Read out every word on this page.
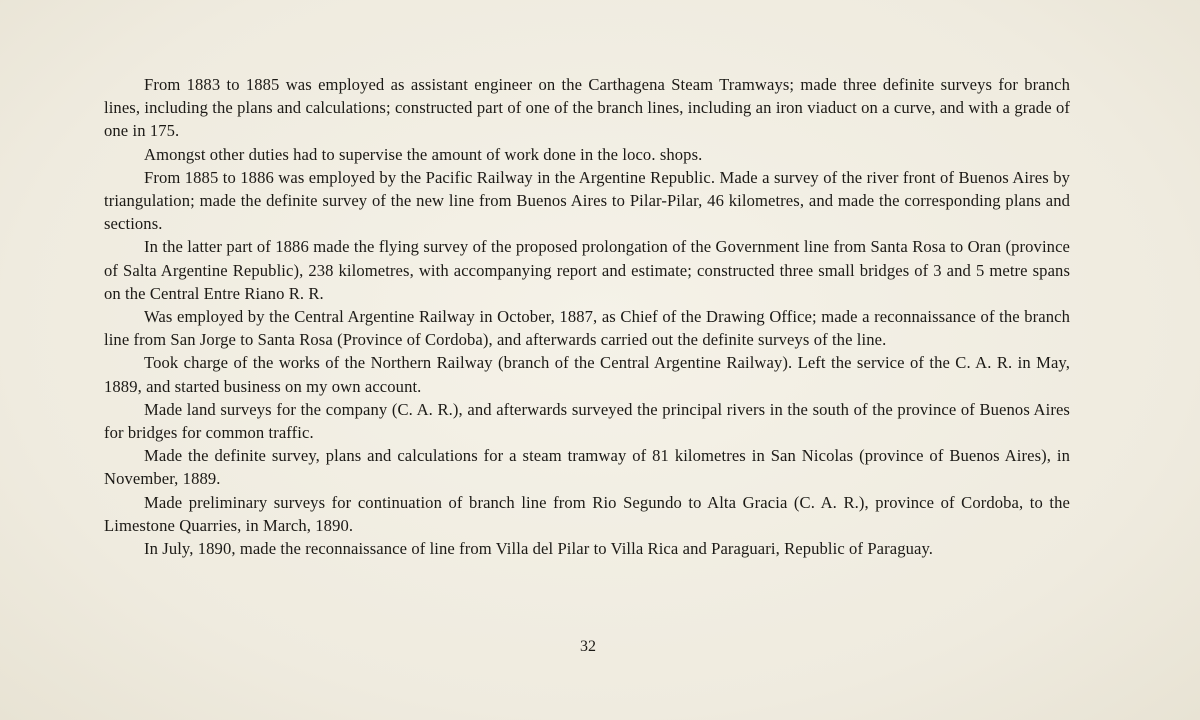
From 1883 to 1885 was employed as assistant engineer on the Carthagena Steam Tramways; made three definite surveys for branch lines, including the plans and calculations; constructed part of one of the branch lines, including an iron viaduct on a curve, and with a grade of one in 175.

Amongst other duties had to supervise the amount of work done in the loco. shops.

From 1885 to 1886 was employed by the Pacific Railway in the Argentine Republic. Made a survey of the river front of Buenos Aires by triangulation; made the definite survey of the new line from Buenos Aires to Pilar-Pilar, 46 kilometres, and made the corresponding plans and sections.

In the latter part of 1886 made the flying survey of the proposed prolongation of the Government line from Santa Rosa to Oran (province of Salta Argentine Republic), 238 kilometres, with accompanying report and estimate; constructed three small bridges of 3 and 5 metre spans on the Central Entre Riano R. R.

Was employed by the Central Argentine Railway in October, 1887, as Chief of the Drawing Office; made a reconnaissance of the branch line from San Jorge to Santa Rosa (Province of Cordoba), and afterwards carried out the definite surveys of the line.

Took charge of the works of the Northern Railway (branch of the Central Argentine Railway). Left the service of the C. A. R. in May, 1889, and started business on my own account.

Made land surveys for the company (C. A. R.), and afterwards surveyed the principal rivers in the south of the province of Buenos Aires for bridges for common traffic.

Made the definite survey, plans and calculations for a steam tramway of 81 kilometres in San Nicolas (province of Buenos Aires), in November, 1889.

Made preliminary surveys for continuation of branch line from Rio Segundo to Alta Gracia (C. A. R.), province of Cordoba, to the Limestone Quarries, in March, 1890.

In July, 1890, made the reconnaissance of line from Villa del Pilar to Villa Rica and Paraguari, Republic of Paraguay.

32
